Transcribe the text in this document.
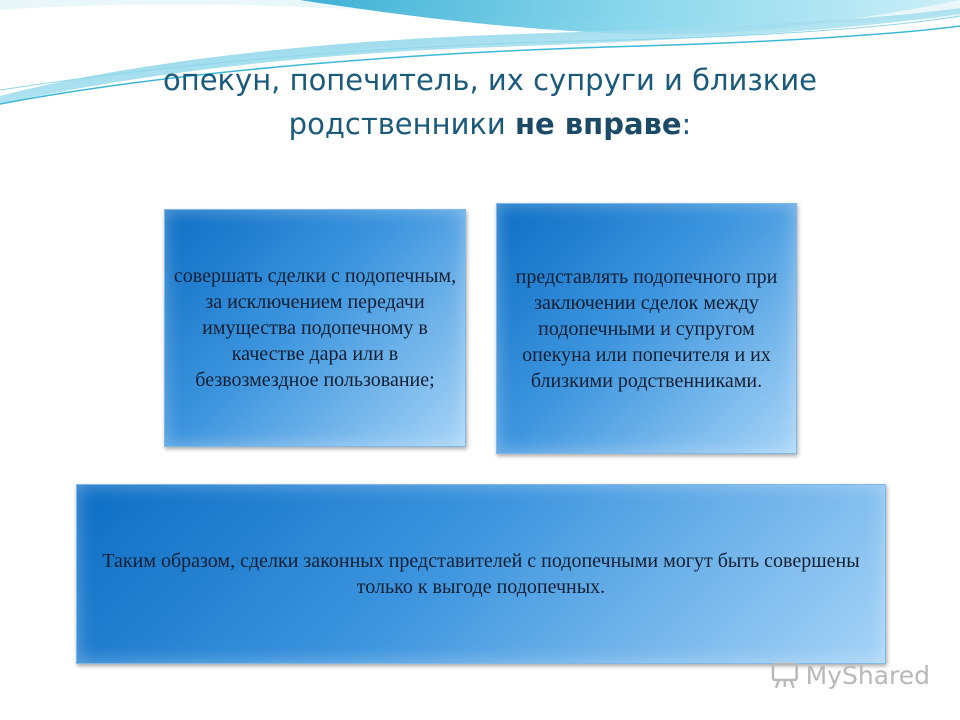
опекун, попечитель, их супруги и близкие родственники не вправе:
совершать сделки с подопечным, за исключением передачи имущества подопечному в качестве дара или в безвозмездное пользование;
представлять подопечного при заключении сделок между подопечными и супругом опекуна или попечителя и их близкими родственниками.
Таким образом, сделки законных представителей с подопечными могут быть совершены только к выгоде подопечных.
MyShared
